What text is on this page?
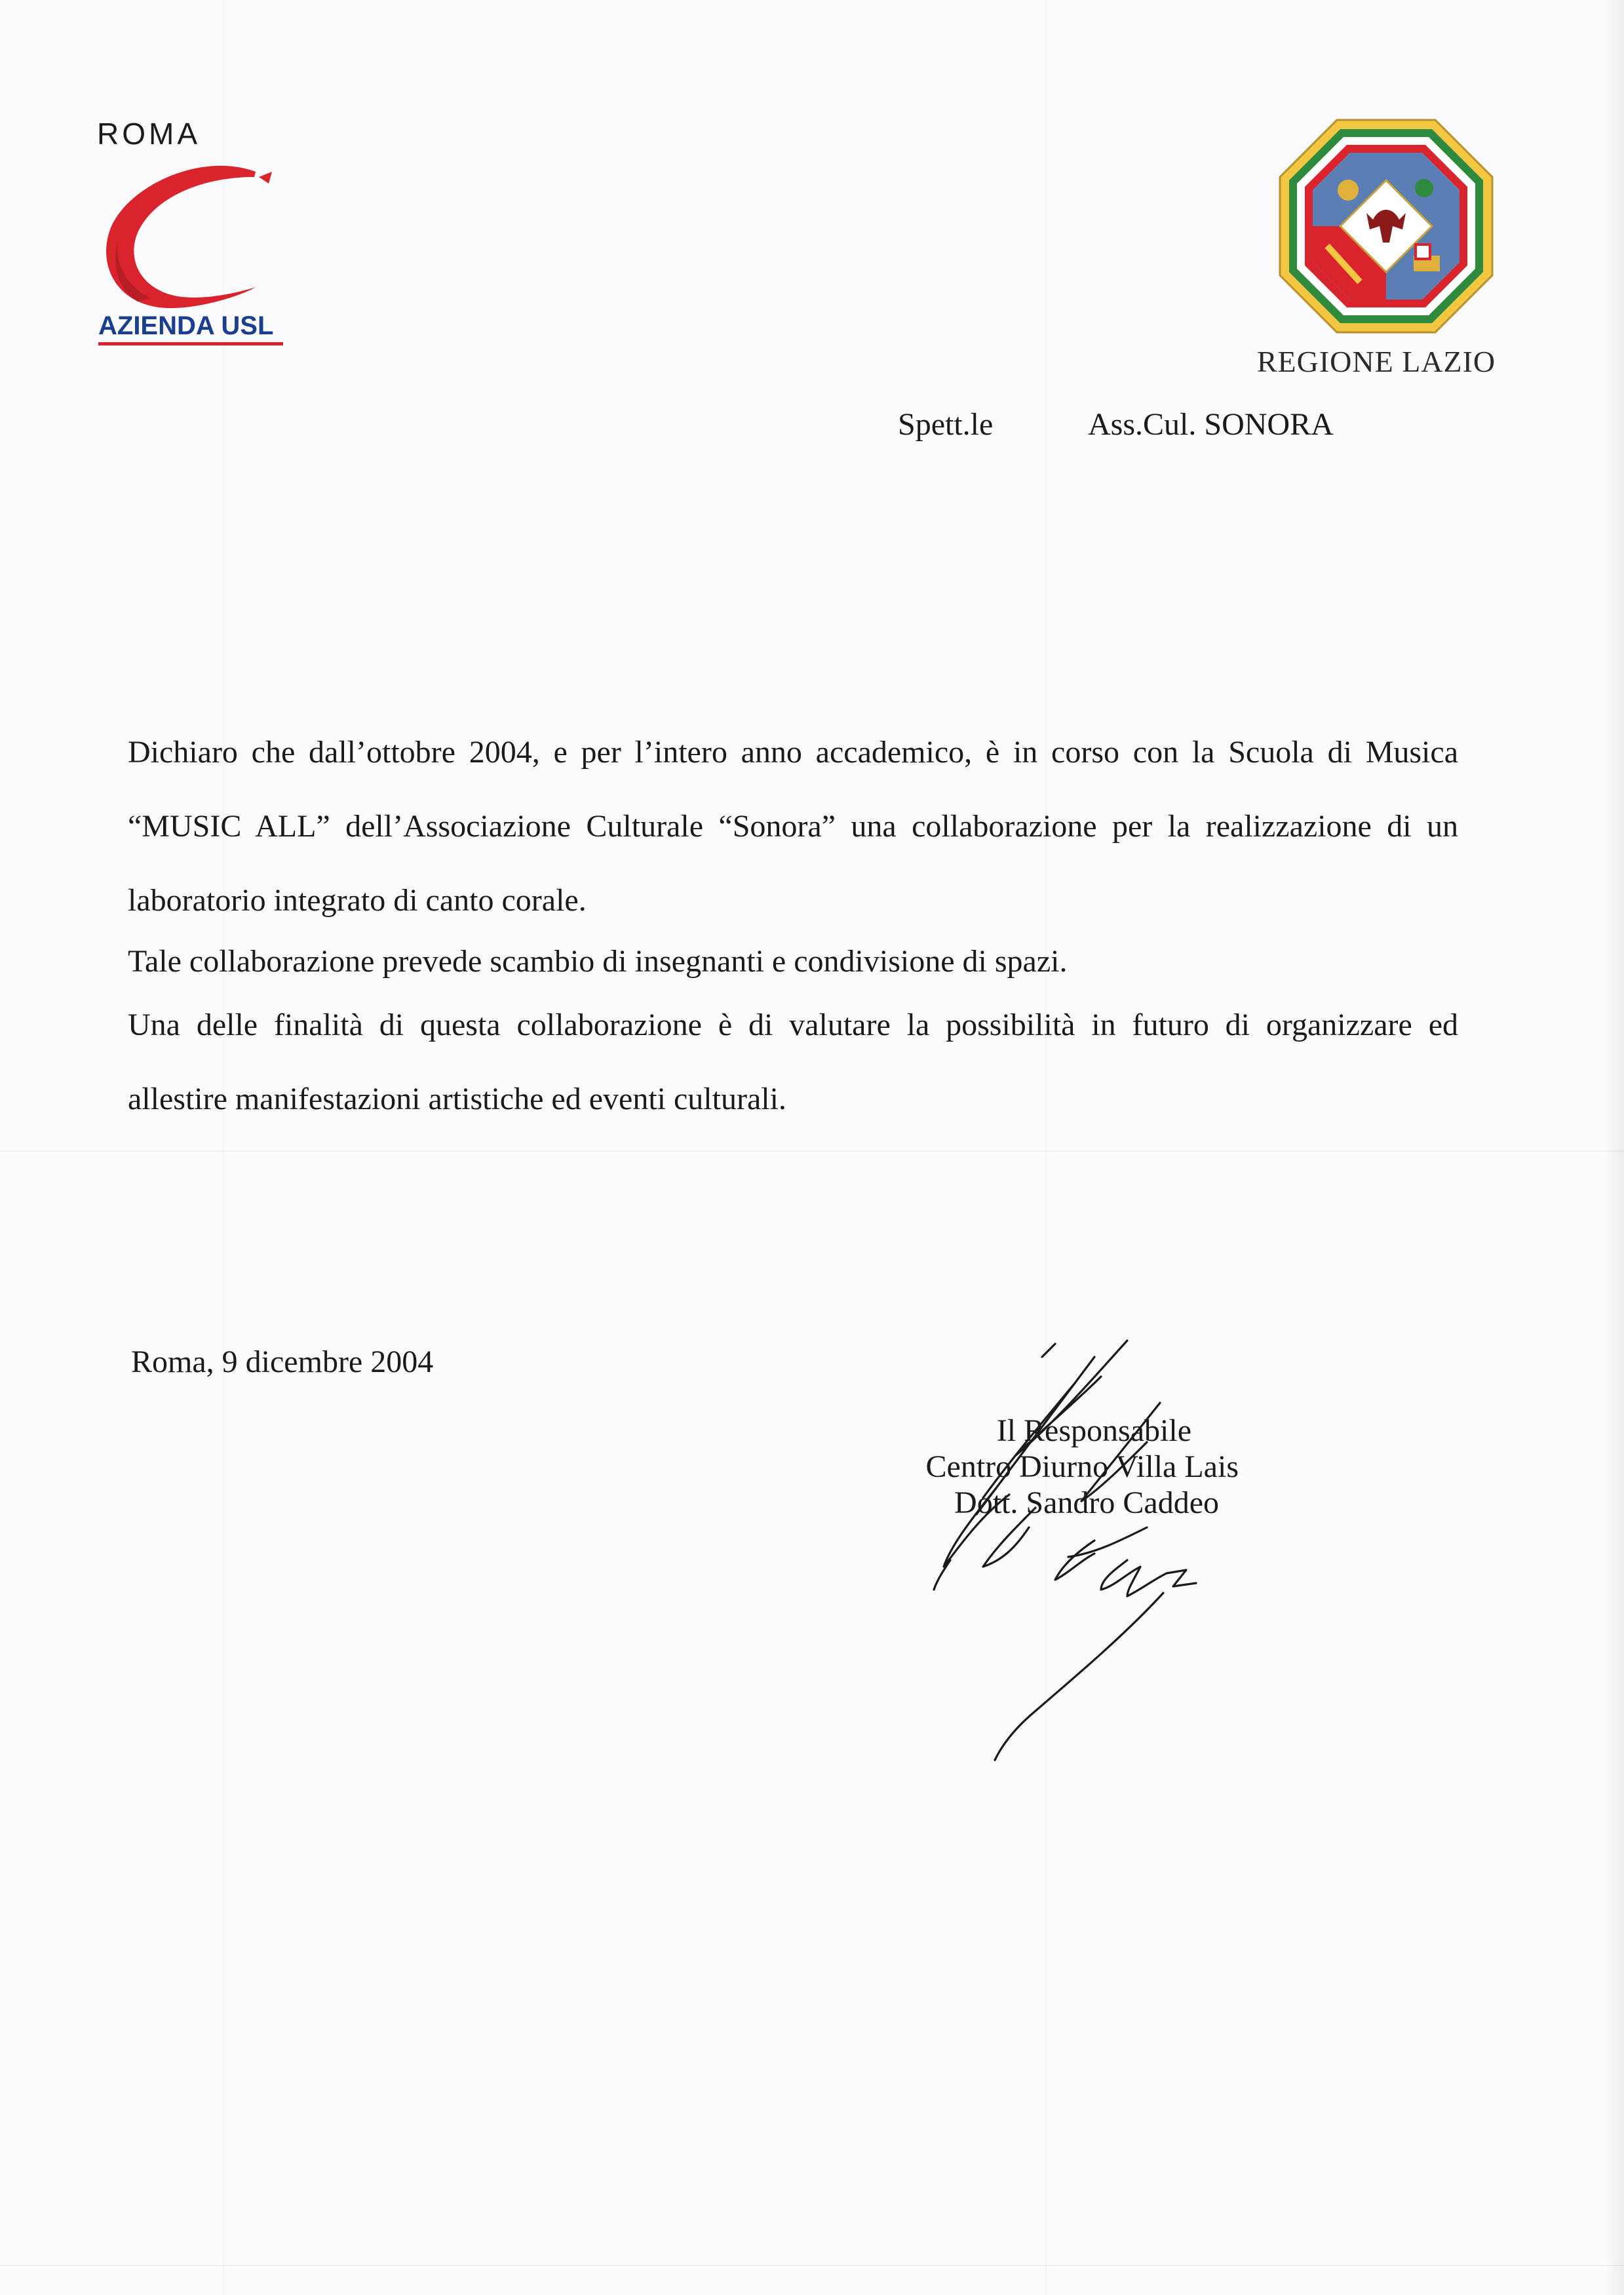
ROMA
AZIENDA USL
REGIONE LAZIO
Spett.le	Ass.Cul. SONORA
Dichiaro che dall’ottobre 2004, e per l’intero anno accademico, è in corso con la Scuola di Musica
“MUSIC ALL” dell’Associazione Culturale “Sonora” una collaborazione per la realizzazione di un
laboratorio integrato di canto corale.
Tale collaborazione prevede scambio di insegnanti e condivisione di spazi.
Una delle finalità di questa collaborazione è di valutare la possibilità in futuro di organizzare ed
allestire manifestazioni artistiche ed eventi culturali.
Roma, 9 dicembre 2004
Il Responsabile
Centro Diurno Villa Lais
Dott. Sandro Caddeo
